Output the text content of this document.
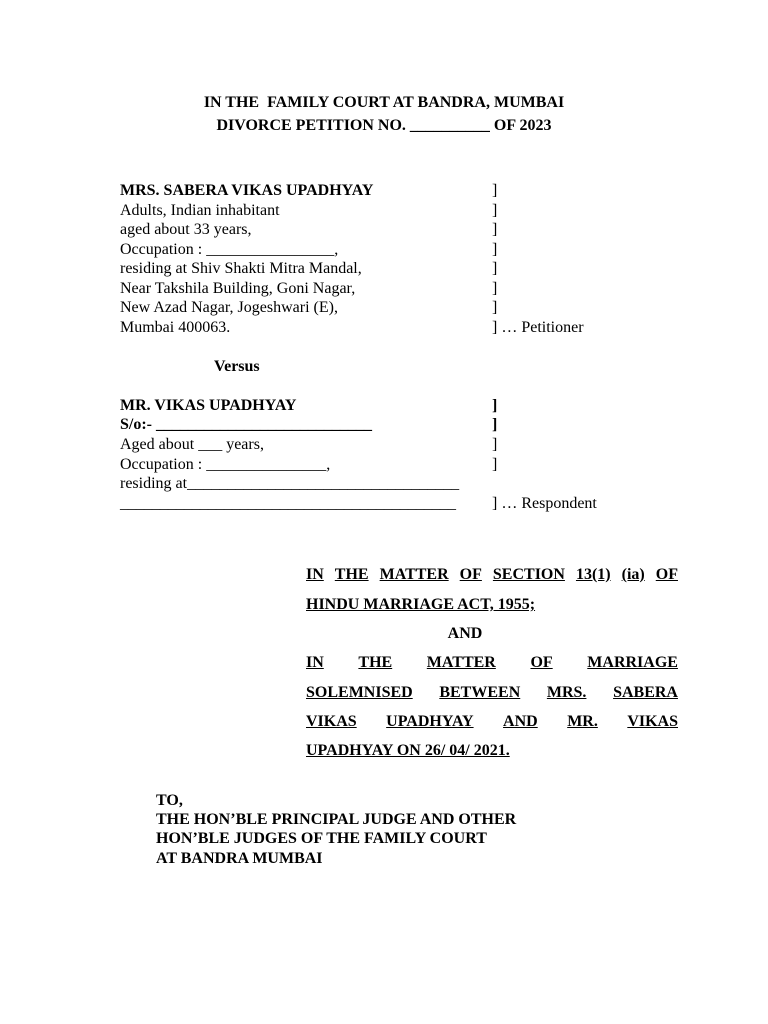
IN THE  FAMILY COURT AT BANDRA, MUMBAI
DIVORCE PETITION NO. __________ OF 2023
MRS. SABERA VIKAS UPADHYAY	]
Adults, Indian inhabitant	]
aged about 33 years,	]
Occupation : ________________,	]
residing at Shiv Shakti Mitra Mandal,	]
Near Takshila Building, Goni Nagar,	]
New Azad Nagar, Jogeshwari (E),	]
Mumbai 400063.	] … Petitioner
Versus
MR. VIKAS UPADHYAY	]
S/o:- ___________________________	]
Aged about ___ years,	]
Occupation : _______________,	]
residing at__________________________________
__________________________________________ ] … Respondent
IN THE MATTER OF SECTION 13(1) (ia) OF
HINDU MARRIAGE ACT, 1955;
AND
IN THE MATTER OF MARRIAGE
SOLEMNISED BETWEEN MRS. SABERA
VIKAS UPADHYAY AND MR. VIKAS
UPADHYAY ON 26/ 04/ 2021.
TO,
THE HON’BLE PRINCIPAL JUDGE AND OTHER
HON’BLE JUDGES OF THE FAMILY COURT
AT BANDRA MUMBAI
